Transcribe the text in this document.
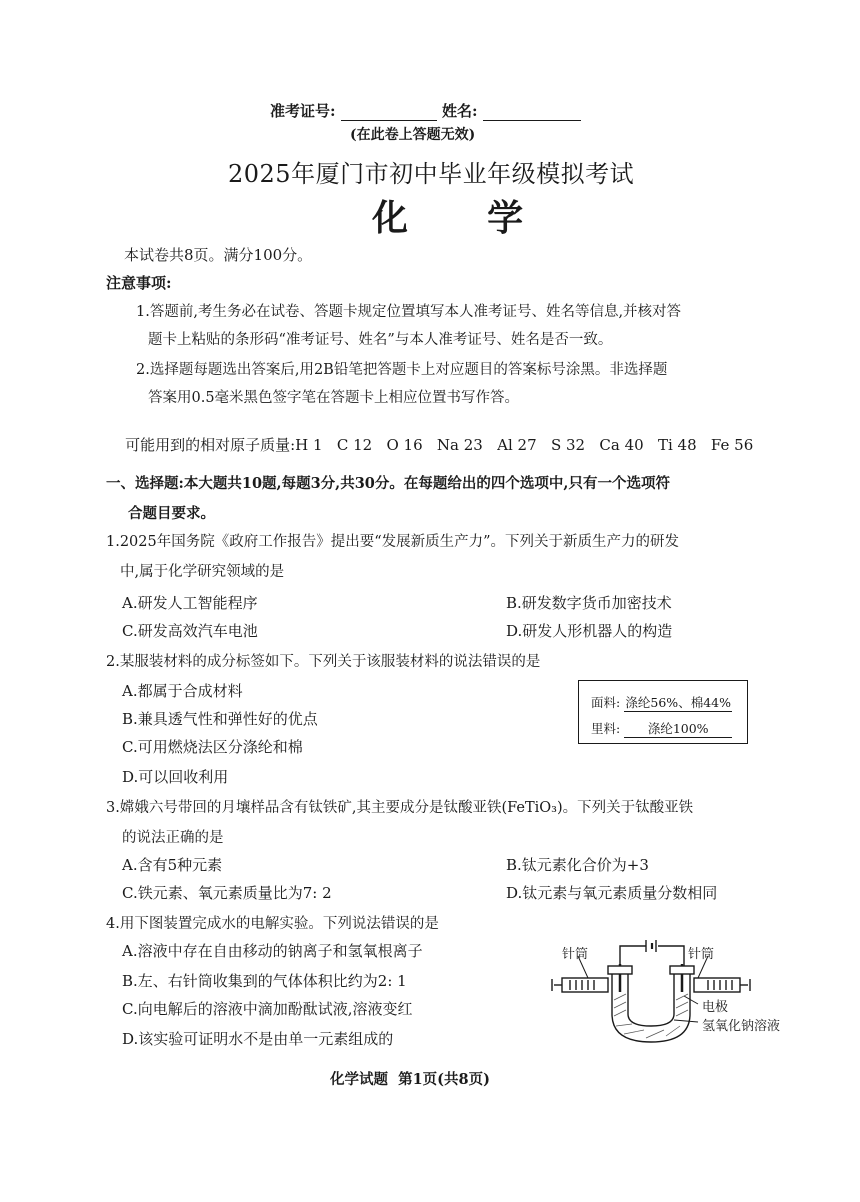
准考证号:	姓名:
(在此卷上答题无效)
2025年厦门市初中毕业年级模拟考试
化  学
本试卷共8页。满分100分。
注意事项:
1.答题前,考生务必在试卷、答题卡规定位置填写本人准考证号、姓名等信息,并核对答
题卡上粘贴的条形码“准考证号、姓名”与本人准考证号、姓名是否一致。
2.选择题每题选出答案后,用2B铅笔把答题卡上对应题目的答案标号涂黑。非选择题
答案用0.5毫米黑色签字笔在答题卡上相应位置书写作答。

可能用到的相对原子质量:H 1   C 12   O 16   Na 23   Al 27   S 32   Ca 40   Ti 48   Fe 56

一、选择题:本大题共10题,每题3分,共30分。在每题给出的四个选项中,只有一个选项符
合题目要求。
1.2025年国务院《政府工作报告》提出要“发展新质生产力”。下列关于新质生产力的研发
中,属于化学研究领域的是
A.研发人工智能程序	B.研发数字货币加密技术
C.研发高效汽车电池	D.研发人形机器人的构造
2.某服装材料的成分标签如下。下列关于该服装材料的说法错误的是
A.都属于合成材料
B.兼具透气性和弹性好的优点
C.可用燃烧法区分涤纶和棉
D.可以回收利用
面料: 涤纶56%、棉44%
里料: 涤纶100%
3.嫦娥六号带回的月壤样品含有钛铁矿,其主要成分是钛酸亚铁(FeTiO₃)。下列关于钛酸亚铁
的说法正确的是
A.含有5种元素	B.钛元素化合价为+3
C.铁元素、氧元素质量比为7: 2	D.钛元素与氧元素质量分数相同
4.用下图装置完成水的电解实验。下列说法错误的是
A.溶液中存在自由移动的钠离子和氢氧根离子
B.左、右针筒收集到的气体体积比约为2: 1
C.向电解后的溶液中滴加酚酞试液,溶液变红
D.该实验可证明水不是由单一元素组成的
针筒	针筒
电极
氢氧化钠溶液
化学试题  第1页(共8页)
